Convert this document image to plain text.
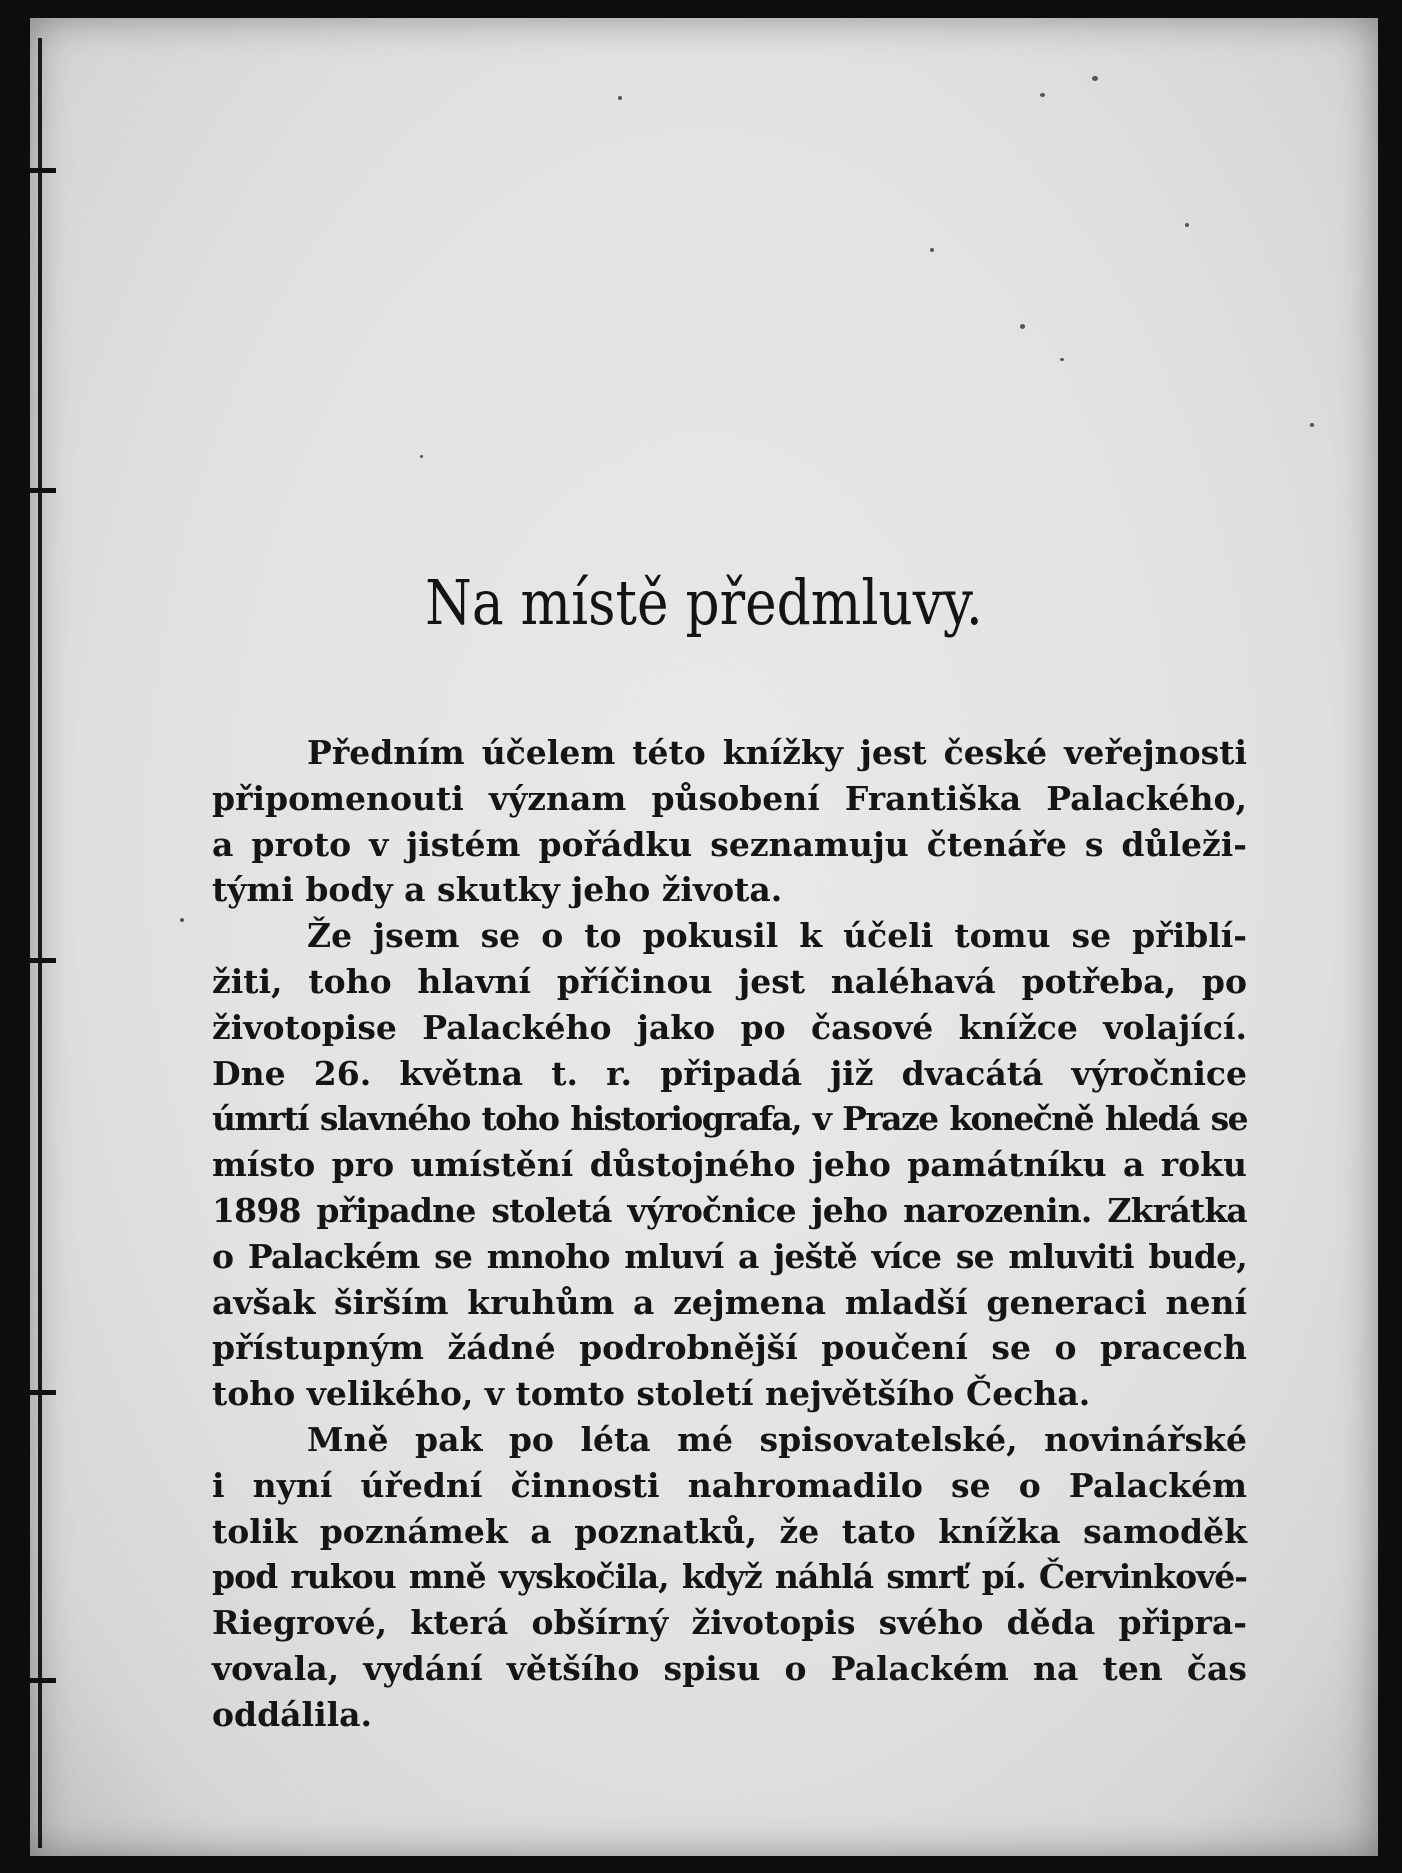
Na místě předmluvy.
Předním účelem této knížky jest české veřejnosti
připomenouti význam působení Františka Palackého,
a proto v jistém pořádku seznamuju čtenáře s důleži-
tými body a skutky jeho života.
Že jsem se o to pokusil k účeli tomu se přiblí-
žiti, toho hlavní příčinou jest naléhavá potřeba, po
životopise Palackého jako po časové knížce volající.
Dne 26. května t. r. připadá již dvacátá výročnice
úmrtí slavného toho historiografa, v Praze konečně hledá se
místo pro umístění důstojného jeho památníku a roku
1898 připadne stoletá výročnice jeho narozenin. Zkrátka
o Palackém se mnoho mluví a ještě více se mluviti bude,
avšak širším kruhům a zejmena mladší generaci není
přístupným žádné podrobnější poučení se o pracech
toho velikého, v tomto století největšího Čecha.
Mně pak po léta mé spisovatelské, novinářské
i nyní úřední činnosti nahromadilo se o Palackém
tolik poznámek a poznatků, že tato knížka samoděk
pod rukou mně vyskočila, když náhlá smrť pí. Červinkové-
Riegrové, která obšírný životopis svého děda připra-
vovala, vydání většího spisu o Palackém na ten čas
oddálila.
